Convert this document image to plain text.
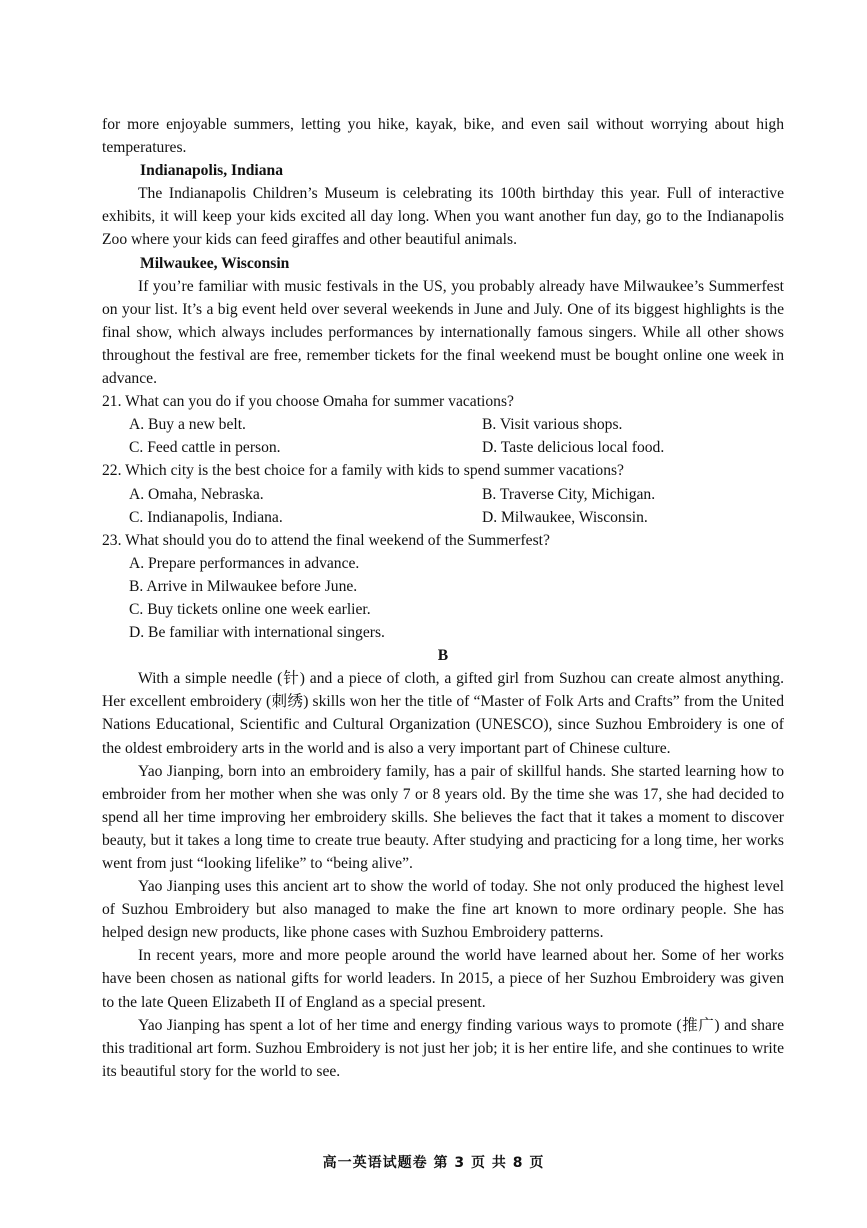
for more enjoyable summers, letting you hike, kayak, bike, and even sail without worrying about high temperatures.

Indianapolis, Indiana

The Indianapolis Children’s Museum is celebrating its 100th birthday this year. Full of interactive exhibits, it will keep your kids excited all day long. When you want another fun day, go to the Indianapolis Zoo where your kids can feed giraffes and other beautiful animals.

Milwaukee, Wisconsin

If you’re familiar with music festivals in the US, you probably already have Milwaukee’s Summerfest on your list. It’s a big event held over several weekends in June and July. One of its biggest highlights is the final show, which always includes performances by internationally famous singers. While all other shows throughout the festival are free, remember tickets for the final weekend must be bought online one week in advance.

21. What can you do if you choose Omaha for summer vacations?

A. Buy a new belt.	B. Visit various shops.
C. Feed cattle in person.	D. Taste delicious local food.

22. Which city is the best choice for a family with kids to spend summer vacations?

A. Omaha, Nebraska.	B. Traverse City, Michigan.
C. Indianapolis, Indiana.	D. Milwaukee, Wisconsin.

23. What should you do to attend the final weekend of the Summerfest?

A. Prepare performances in advance.
B. Arrive in Milwaukee before June.
C. Buy tickets online one week earlier.
D. Be familiar with international singers.

B

With a simple needle (针) and a piece of cloth, a gifted girl from Suzhou can create almost anything. Her excellent embroidery (刺绣) skills won her the title of “Master of Folk Arts and Crafts” from the United Nations Educational, Scientific and Cultural Organization (UNESCO), since Suzhou Embroidery is one of the oldest embroidery arts in the world and is also a very important part of Chinese culture.

Yao Jianping, born into an embroidery family, has a pair of skillful hands. She started learning how to embroider from her mother when she was only 7 or 8 years old. By the time she was 17, she had decided to spend all her time improving her embroidery skills. She believes the fact that it takes a moment to discover beauty, but it takes a long time to create true beauty. After studying and practicing for a long time, her works went from just “looking lifelike” to “being alive”.

Yao Jianping uses this ancient art to show the world of today. She not only produced the highest level of Suzhou Embroidery but also managed to make the fine art known to more ordinary people. She has helped design new products, like phone cases with Suzhou Embroidery patterns.

In recent years, more and more people around the world have learned about her. Some of her works have been chosen as national gifts for world leaders. In 2015, a piece of her Suzhou Embroidery was given to the late Queen Elizabeth II of England as a special present.

Yao Jianping has spent a lot of her time and energy finding various ways to promote (推广) and share this traditional art form. Suzhou Embroidery is not just her job; it is her entire life, and she continues to write its beautiful story for the world to see.

高一英语试题卷 第 3 页 共 8 页
